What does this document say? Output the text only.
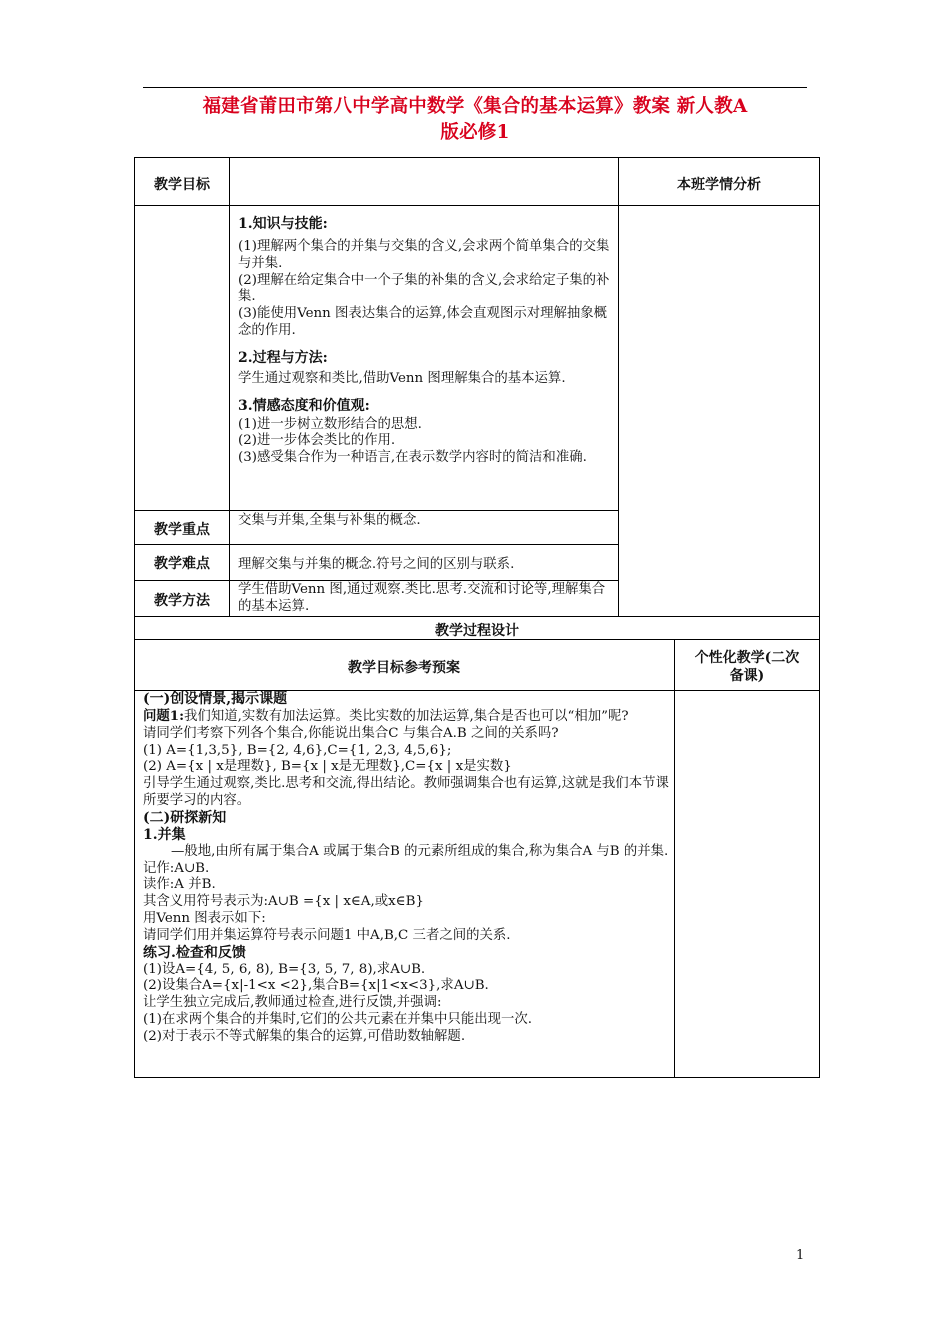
福建省莆田市第八中学高中数学《集合的基本运算》教案 新人教A
版必修1
教学目标	本班学情分析
1.知识与技能:
(1)理解两个集合的并集与交集的含义,会求两个简单集合的交集与并集.
(2)理解在给定集合中一个子集的补集的含义,会求给定子集的补集.
(3)能使用Venn 图表达集合的运算,体会直观图示对理解抽象概念的作用.
2.过程与方法:
学生通过观察和类比,借助Venn 图理解集合的基本运算.
3.情感态度和价值观:
(1)进一步树立数形结合的思想.
(2)进一步体会类比的作用.
(3)感受集合作为一种语言,在表示数学内容时的简洁和准确.
教学重点
交集与并集,全集与补集的概念.
教学难点	理解交集与并集的概念.符号之间的区别与联系.
教学方法
学生借助Venn 图,通过观察.类比.思考.交流和讨论等,理解集合的基本运算.
教学过程设计
教学目标参考预案
个性化教学(二次
备课)
(一)创设情景,揭示课题
问题1:我们知道,实数有加法运算。类比实数的加法运算,集合是否也可以“相加”呢?
请同学们考察下列各个集合,你能说出集合C 与集合A.B 之间的关系吗?
(1) A={1,3,5}, B={2, 4,6},C={1, 2,3, 4,5,6};
(2) A={x | x是理数}, B={x | x是无理数},C={x | x是实数}
引导学生通过观察,类比.思考和交流,得出结论。教师强调集合也有运算,这就是我们本节课所要学习的内容。
(二)研探新知
1.并集
—般地,由所有属于集合A 或属于集合B 的元素所组成的集合,称为集合A 与B 的并集.
记作:A∪B.
读作:A 并B.
其含义用符号表示为:A∪B ={x | x∈A,或x∈B}
用Venn 图表示如下:
请同学们用并集运算符号表示问题1 中A,B,C 三者之间的关系.
练习.检查和反馈
(1)设A={4, 5, 6, 8), B={3, 5, 7, 8),求A∪B.
(2)设集合A={x|-1<x <2},集合B={x|1<x<3},求A∪B.
让学生独立完成后,教师通过检查,进行反馈,并强调:
(1)在求两个集合的并集时,它们的公共元素在并集中只能出现一次.
(2)对于表示不等式解集的集合的运算,可借助数轴解题.
1
